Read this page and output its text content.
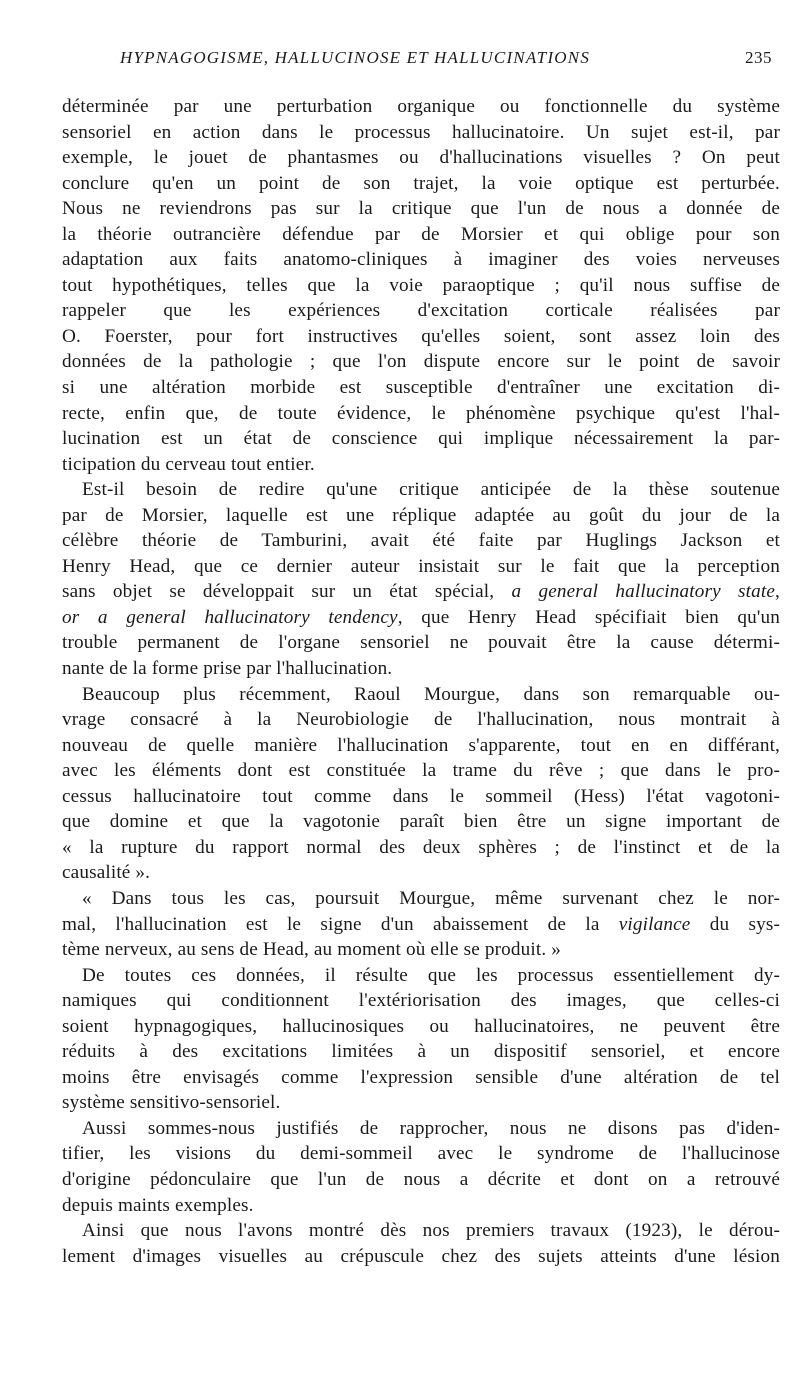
HYPNAGOGISME, HALLUCINOSE ET HALLUCINATIONS	235
déterminée par une perturbation organique ou fonctionnelle du système
sensoriel en action dans le processus hallucinatoire. Un sujet est-il, par
exemple, le jouet de phantasmes ou d'hallucinations visuelles ? On peut
conclure qu'en un point de son trajet, la voie optique est perturbée.
Nous ne reviendrons pas sur la critique que l'un de nous a donnée de
la théorie outrancière défendue par de Morsier et qui oblige pour son
adaptation aux faits anatomo-cliniques à imaginer des voies nerveuses
tout hypothétiques, telles que la voie paraoptique ; qu'il nous suffise de
rappeler que les expériences d'excitation corticale réalisées par
O. Foerster, pour fort instructives qu'elles soient, sont assez loin des
données de la pathologie ; que l'on dispute encore sur le point de savoir
si une altération morbide est susceptible d'entraîner une excitation di-
recte, enfin que, de toute évidence, le phénomène psychique qu'est l'hal-
lucination est un état de conscience qui implique nécessairement la par-
ticipation du cerveau tout entier.
Est-il besoin de redire qu'une critique anticipée de la thèse soutenue
par de Morsier, laquelle est une réplique adaptée au goût du jour de la
célèbre théorie de Tamburini, avait été faite par Huglings Jackson et
Henry Head, que ce dernier auteur insistait sur le fait que la perception
sans objet se développait sur un état spécial, a general hallucinatory state,
or a general hallucinatory tendency, que Henry Head spécifiait bien qu'un
trouble permanent de l'organe sensoriel ne pouvait être la cause détermi-
nante de la forme prise par l'hallucination.
Beaucoup plus récemment, Raoul Mourgue, dans son remarquable ou-
vrage consacré à la Neurobiologie de l'hallucination, nous montrait à
nouveau de quelle manière l'hallucination s'apparente, tout en en différant,
avec les éléments dont est constituée la trame du rêve ; que dans le pro-
cessus hallucinatoire tout comme dans le sommeil (Hess) l'état vagotoni-
que domine et que la vagotonie paraît bien être un signe important de
« la rupture du rapport normal des deux sphères ; de l'instinct et de la
causalité ».
« Dans tous les cas, poursuit Mourgue, même survenant chez le nor-
mal, l'hallucination est le signe d'un abaissement de la vigilance du sys-
tème nerveux, au sens de Head, au moment où elle se produit. »
De toutes ces données, il résulte que les processus essentiellement dy-
namiques qui conditionnent l'extériorisation des images, que celles-ci
soient hypnagogiques, hallucinosiques ou hallucinatoires, ne peuvent être
réduits à des excitations limitées à un dispositif sensoriel, et encore
moins être envisagés comme l'expression sensible d'une altération de tel
système sensitivo-sensoriel.
Aussi sommes-nous justifiés de rapprocher, nous ne disons pas d'iden-
tifier, les visions du demi-sommeil avec le syndrome de l'hallucinose
d'origine pédonculaire que l'un de nous a décrite et dont on a retrouvé
depuis maints exemples.
Ainsi que nous l'avons montré dès nos premiers travaux (1923), le dérou-
lement d'images visuelles au crépuscule chez des sujets atteints d'une lésion
